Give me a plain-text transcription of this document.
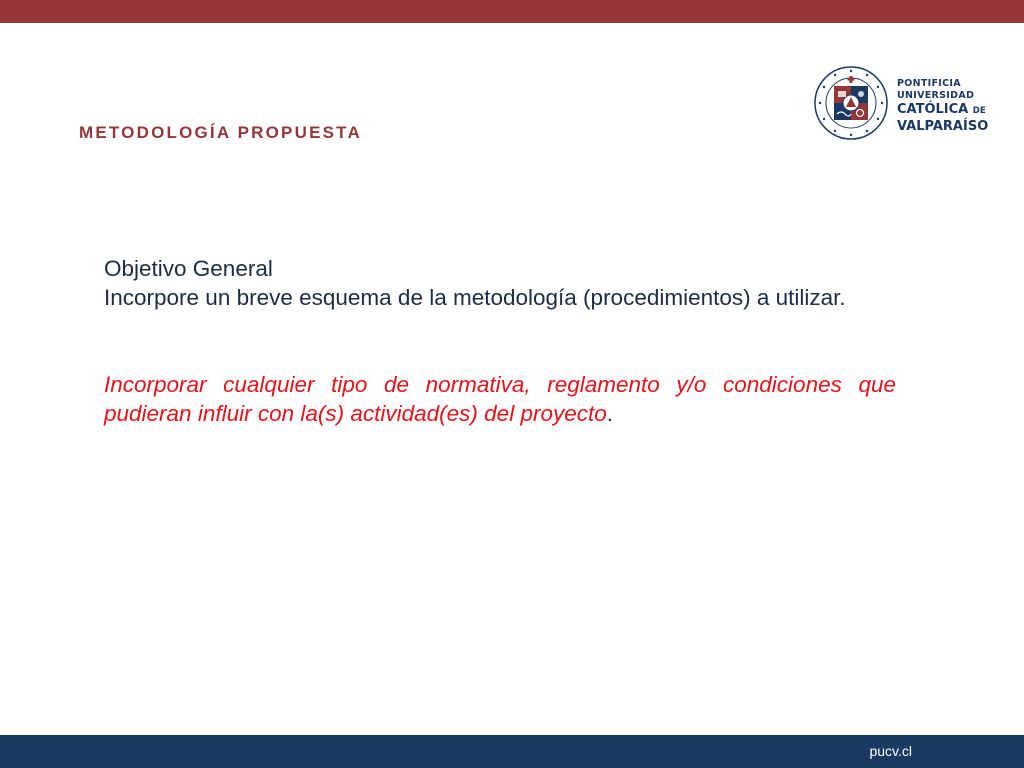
METODOLOGÍA PROPUESTA
PONTIFICIA
UNIVERSIDAD
CATÓLICA DE
VALPARAÍSO

Objetivo General

Incorpore un breve esquema de la metodología (procedimientos) a utilizar.

Incorporar cualquier tipo de normativa, reglamento y/o condiciones que pudieran influir con la(s) actividad(es) del proyecto.

pucv.cl
